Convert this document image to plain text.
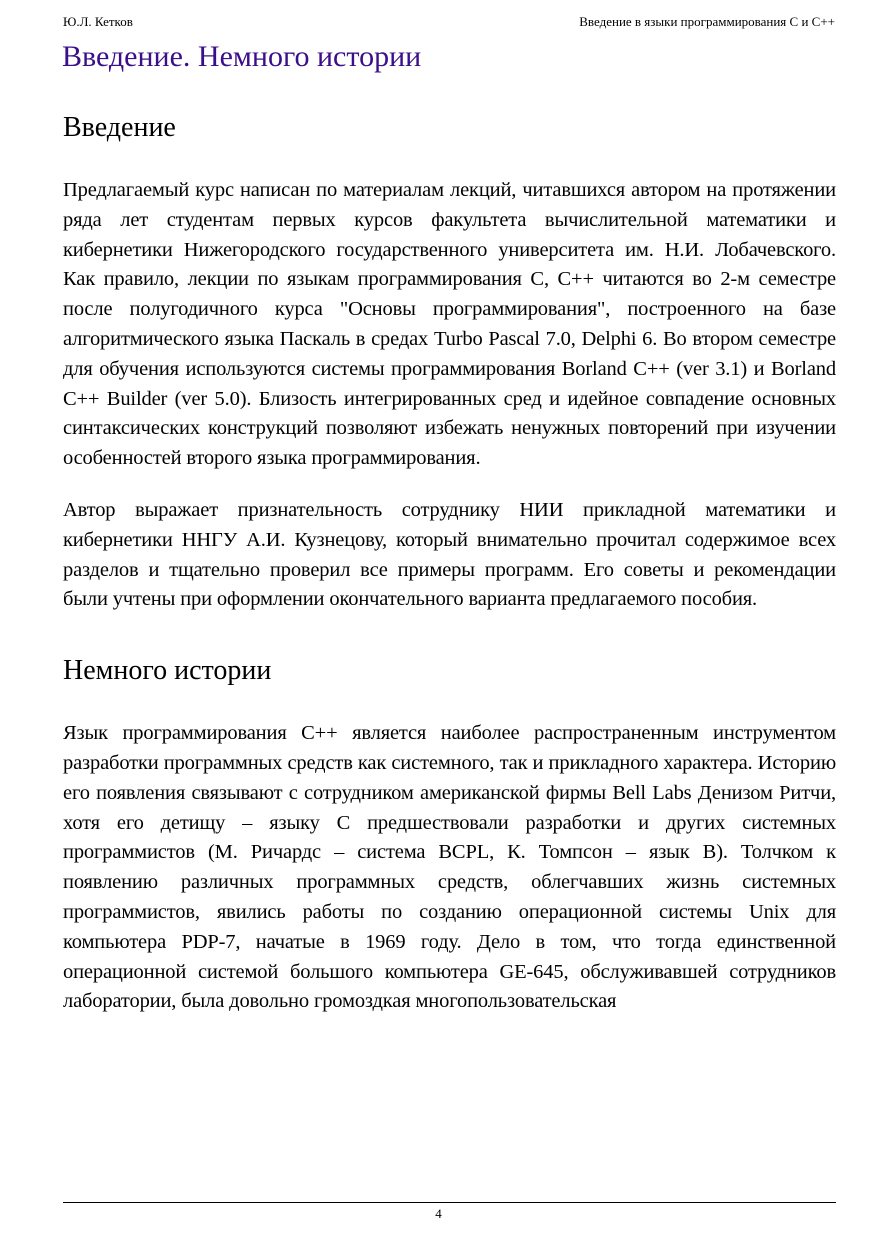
Ю.Л. Кетков	Введение в языки программирования С и С++
Введение. Немного истории
Введение

Предлагаемый курс написан по материалам лекций, читавшихся автором на протяжении ряда лет студентам первых курсов факультета вычислительной математики и кибернетики Нижегородского государственного университета им. Н.И. Лобачевского. Как правило, лекции по языкам программирования С, С++ читаются во 2-м семестре после полугодичного курса "Основы программирования", построенного на базе алгоритмического языка Паскаль в средах Turbo Pascal 7.0, Delphi 6. Во втором семестре для обучения используются системы программирования Borland C++ (ver 3.1) и Borland C++ Builder (ver 5.0). Близость интегрированных сред и идейное совпадение основных синтаксических конструкций позволяют избежать ненужных повторений при изучении особенностей второго языка программирования.

Автор выражает признательность сотруднику НИИ прикладной математики и кибернетики ННГУ А.И. Кузнецову, который внимательно прочитал содержимое всех разделов и тщательно проверил все примеры программ. Его советы и рекомендации были учтены при оформлении окончательного варианта предлагаемого пособия.

Немного истории

Язык программирования С++ является наиболее распространенным инструментом разработки программных средств как системного, так и прикладного характера. Историю его появления связывают с сотрудником американской фирмы Bell Labs Денизом Ритчи, хотя его детищу – языку С предшествовали разработки и других системных программистов (М. Ричардс – система BCPL, К. Томпсон – язык В). Толчком к появлению различных программных средств, облегчавших жизнь системных программистов, явились работы по созданию операционной системы Unix для компьютера PDP-7, начатые в 1969 году. Дело в том, что тогда единственной операционной системой большого компьютера GE-645, обслуживавшей сотрудников лаборатории, была довольно громоздкая многопользовательская

4
